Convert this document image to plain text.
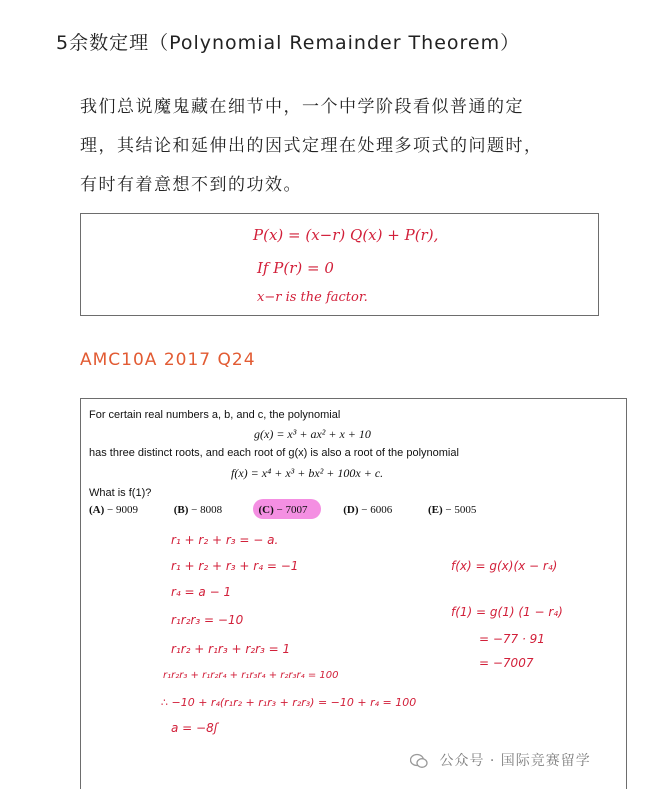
5余数定理（Polynomial Remainder Theorem）
我们总说魔鬼藏在细节中，一个中学阶段看似普通的定
理，其结论和延伸出的因式定理在处理多项式的问题时，
有时有着意想不到的功效。
P(x) = (x−r) Q(x) + P(r),
If P(r) = 0
x−r is the factor.
AMC10A 2017 Q24
For certain real numbers a, b, and c, the polynomial
g(x) = x³ + ax² + x + 10
has three distinct roots, and each root of g(x) is also a root of the polynomial
f(x) = x⁴ + x³ + bx² + 100x + c.
What is f(1)?
(A) − 9009	(B) − 8008	(C) − 7007	(D) − 6006	(E) − 5005
r₁ + r₂ + r₃ = − a.
r₁ + r₂ + r₃ + r₄ = −1
r₄ = a − 1
r₁r₂r₃ = −10
r₁r₂ + r₁r₃ + r₂r₃ = 1
r₁r₂r₃ + r₁r₂r₄ + r₁r₃r₄ + r₂r₃r₄ = 100
∴ −10 + r₄(r₁r₂ + r₁r₃ + r₂r₃) = −10 + r₄ = 100
a = −8ʃ
f(x) = g(x)(x − r₄)
f(1) = g(1) (1 − r₄)
= −77 · 91
= −7007
公众号 · 国际竞赛留学
